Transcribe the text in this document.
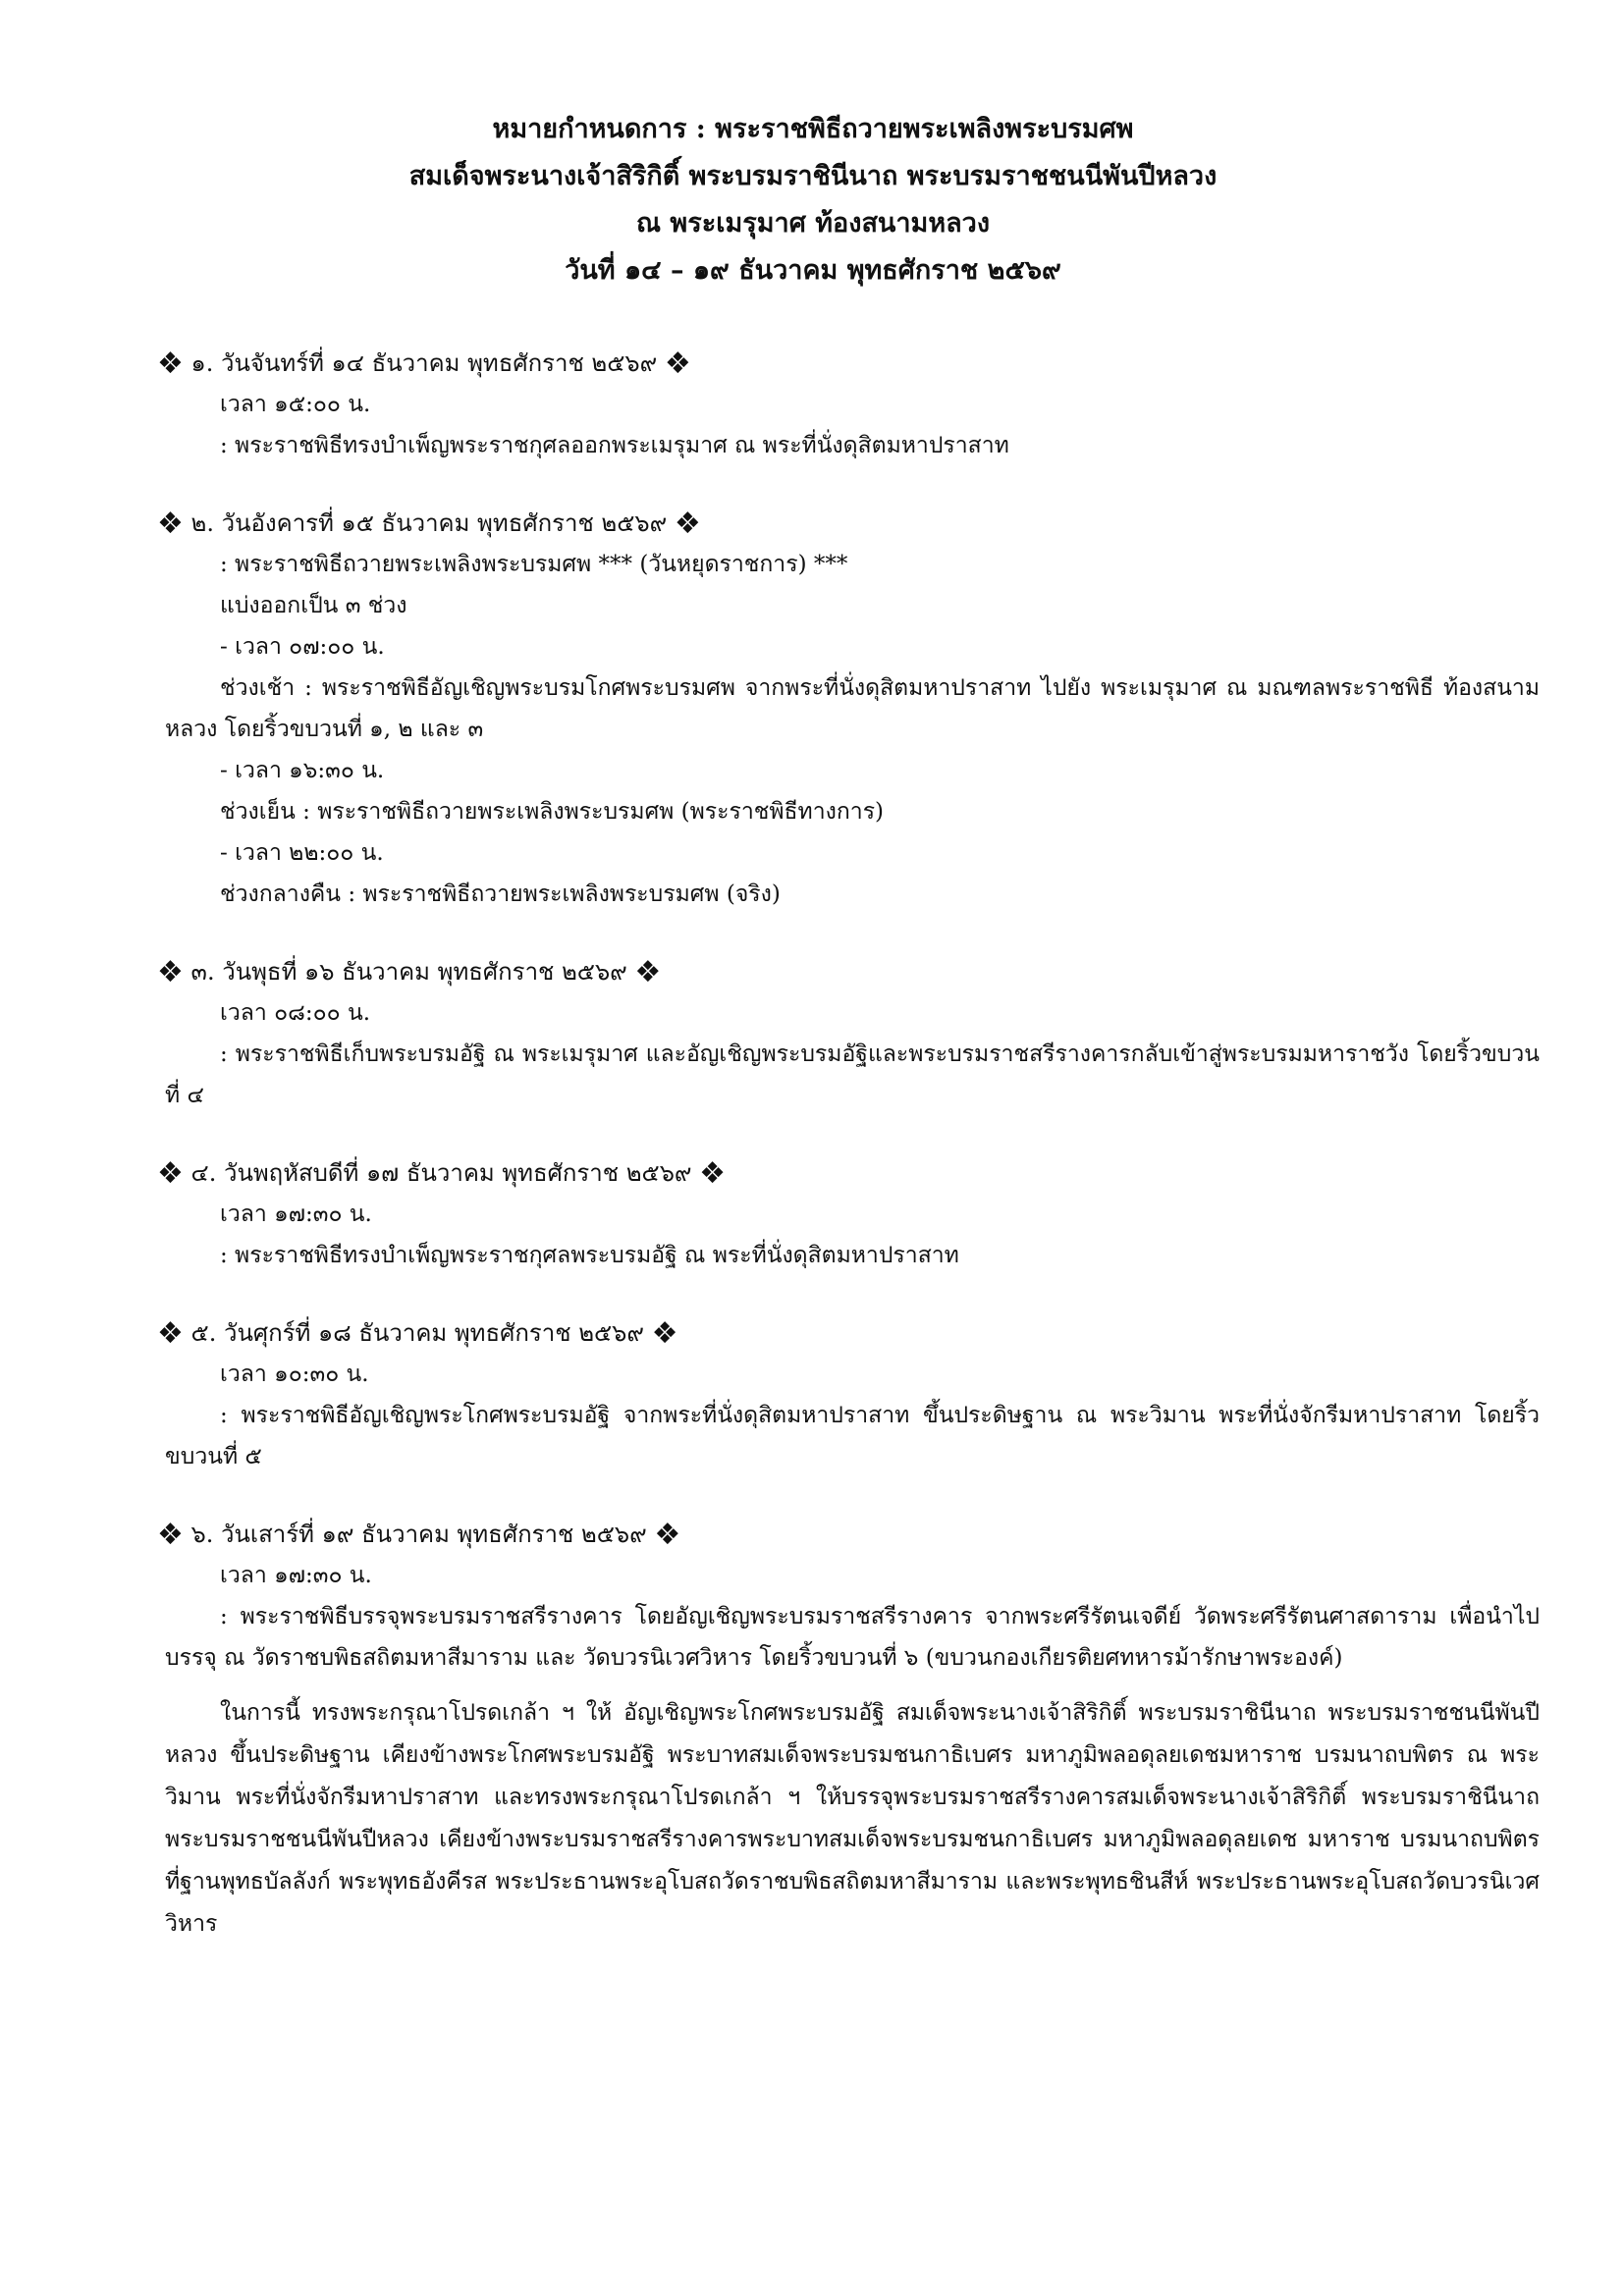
หมายกำหนดการ : พระราชพิธีถวายพระเพลิงพระบรมศพ
สมเด็จพระนางเจ้าสิริกิติ์ พระบรมราชินีนาถ พระบรมราชชนนีพันปีหลวง
ณ พระเมรุมาศ ท้องสนามหลวง
วันที่ ๑๔ – ๑๙ ธันวาคม พุทธศักราช ๒๕๖๙
❖ ๑. วันจันทร์ที่ ๑๔ ธันวาคม พุทธศักราช ๒๕๖๙ ❖
เวลา ๑๕:๐๐ น.
: พระราชพิธีทรงบำเพ็ญพระราชกุศลออกพระเมรุมาศ ณ พระที่นั่งดุสิตมหาปราสาท
❖ ๒. วันอังคารที่ ๑๕ ธันวาคม พุทธศักราช ๒๕๖๙ ❖
: พระราชพิธีถวายพระเพลิงพระบรมศพ *** (วันหยุดราชการ) ***
แบ่งออกเป็น ๓ ช่วง
- เวลา ๐๗:๐๐ น.
ช่วงเช้า : พระราชพิธีอัญเชิญพระบรมโกศพระบรมศพ จากพระที่นั่งดุสิตมหาปราสาท ไปยัง พระเมรุมาศ ณ มณฑลพระราชพิธี ท้องสนามหลวง โดยริ้วขบวนที่ ๑, ๒ และ ๓
- เวลา ๑๖:๓๐ น.
ช่วงเย็น : พระราชพิธีถวายพระเพลิงพระบรมศพ (พระราชพิธีทางการ)
- เวลา ๒๒:๐๐ น.
ช่วงกลางคืน : พระราชพิธีถวายพระเพลิงพระบรมศพ (จริง)
❖ ๓. วันพุธที่ ๑๖ ธันวาคม พุทธศักราช ๒๕๖๙ ❖
เวลา ๐๘:๐๐ น.
: พระราชพิธีเก็บพระบรมอัฐิ ณ พระเมรุมาศ และอัญเชิญพระบรมอัฐิและพระบรมราชสรีรางคารกลับเข้าสู่พระบรมมหาราชวัง โดยริ้วขบวนที่ ๔
❖ ๔. วันพฤหัสบดีที่ ๑๗ ธันวาคม พุทธศักราช ๒๕๖๙ ❖
เวลา ๑๗:๓๐ น.
: พระราชพิธีทรงบำเพ็ญพระราชกุศลพระบรมอัฐิ ณ พระที่นั่งดุสิตมหาปราสาท
❖ ๕. วันศุกร์ที่ ๑๘ ธันวาคม พุทธศักราช ๒๕๖๙ ❖
เวลา ๑๐:๓๐ น.
: พระราชพิธีอัญเชิญพระโกศพระบรมอัฐิ จากพระที่นั่งดุสิตมหาปราสาท ขึ้นประดิษฐาน ณ พระวิมาน พระที่นั่งจักรีมหาปราสาท โดยริ้วขบวนที่ ๕
❖ ๖. วันเสาร์ที่ ๑๙ ธันวาคม พุทธศักราช ๒๕๖๙ ❖
เวลา ๑๗:๓๐ น.
: พระราชพิธีบรรจุพระบรมราชสรีรางคาร โดยอัญเชิญพระบรมราชสรีรางคาร จากพระศรีรัตนเจดีย์ วัดพระศรีรัตนศาสดาราม เพื่อนำไปบรรจุ ณ วัดราชบพิธสถิตมหาสีมาราม และ วัดบวรนิเวศวิหาร โดยริ้วขบวนที่ ๖ (ขบวนกองเกียรติยศทหารม้ารักษาพระองค์)
ในการนี้ ทรงพระกรุณาโปรดเกล้า ฯ ให้ อัญเชิญพระโกศพระบรมอัฐิ สมเด็จพระนางเจ้าสิริกิติ์ พระบรมราชินีนาถ พระบรมราชชนนีพันปีหลวง ขึ้นประดิษฐาน เคียงข้างพระโกศพระบรมอัฐิ พระบาทสมเด็จพระบรมชนกาธิเบศร มหาภูมิพลอดุลยเดชมหาราช บรมนาถบพิตร ณ พระวิมาน พระที่นั่งจักรีมหาปราสาท และทรงพระกรุณาโปรดเกล้า ฯ ให้บรรจุพระบรมราชสรีรางคารสมเด็จพระนางเจ้าสิริกิติ์ พระบรมราชินีนาถ พระบรมราชชนนีพันปีหลวง เคียงข้างพระบรมราชสรีรางคารพระบาทสมเด็จพระบรมชนกาธิเบศร มหาภูมิพลอดุลยเดช มหาราช บรมนาถบพิตร ที่ฐานพุทธบัลลังก์ พระพุทธอังคีรส พระประธานพระอุโบสถวัดราชบพิธสถิตมหาสีมาราม และพระพุทธชินสีห์ พระประธานพระอุโบสถวัดบวรนิเวศวิหาร
